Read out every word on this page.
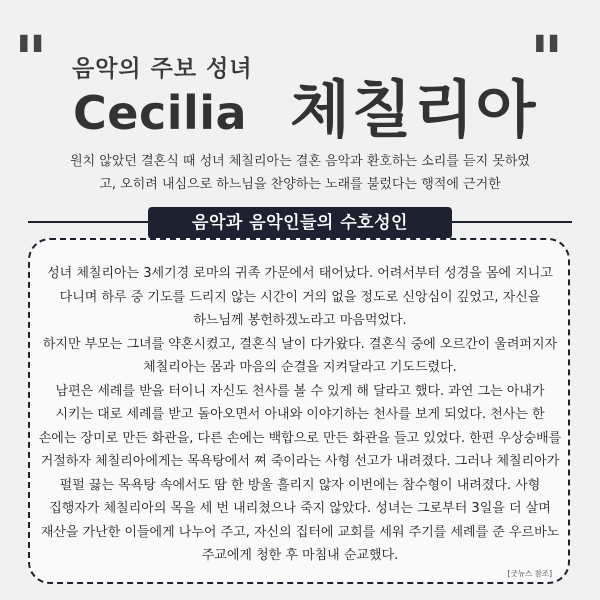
"	"
음악의 주보 성녀
Cecilia 체칠리아
원치 않았던 결혼식 때 성녀 체칠리아는 결혼 음악과 환호하는 소리를 듣지 못하였
고, 오히려 내심으로 하느님을 찬양하는 노래를 불렀다는 행적에 근거한
음악과 음악인들의 수호성인

성녀 체칠리아는 3세기경 로마의 귀족 가문에서 태어났다. 어려서부터 성경을 몸에 지니고 다니며 하루 중 기도를 드리지 않는 시간이 거의 없을 정도로 신앙심이 깊었고, 자신을 하느님께 봉헌하겠노라고 마음먹었다.

하지만 부모는 그녀를 약혼시켰고, 결혼식 날이 다가왔다. 결혼식 중에 오르간이 울려퍼지자 체칠리아는 몸과 마음의 순결을 지켜달라고 기도드렸다.

남편은 세례를 받을 터이니 자신도 천사를 볼 수 있게 해 달라고 했다. 과연 그는 아내가 시키는 대로 세례를 받고 돌아오면서 아내와 이야기하는 천사를 보게 되었다. 천사는 한 손에는 장미로 만든 화관을, 다른 손에는 백합으로 만든 화관을 들고 있었다. 한편 우상숭배를 거절하자 체칠리아에게는 목욕탕에서 쪄 죽이라는 사형 선고가 내려졌다. 그러나 체칠리아가 펄펄 끓는 목욕탕 속에서도 땀 한 방울 흘리지 않자 이번에는 참수형이 내려졌다. 사형 집행자가 체칠리아의 목을 세 번 내리쳤으나 죽지 않았다. 성녀는 그로부터 3일을 더 살며 재산을 가난한 이들에게 나누어 주고, 자신의 집터에 교회를 세워 주기를 세례를 준 우르바노 주교에게 청한 후 마침내 순교했다.

[굿뉴스 참조]
